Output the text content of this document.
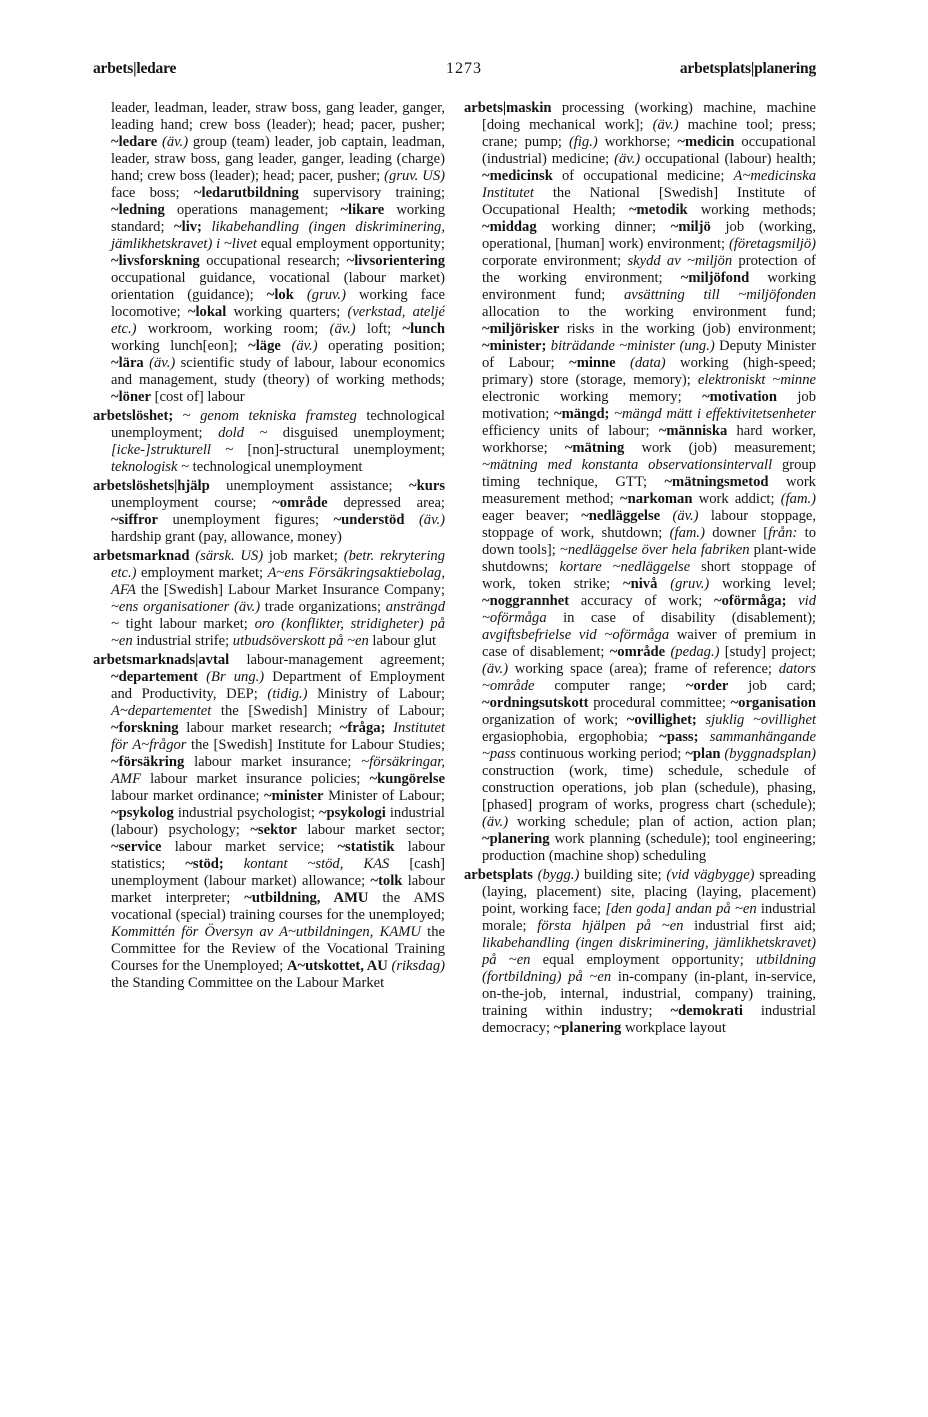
arbets|ledare	1273	arbetsplats|planering

leader, leadman, leader, straw boss, gang leader, ganger, leading hand; crew boss (leader); head; pacer, pusher; ~ledare (äv.) group (team) leader, job captain, leadman, leader, straw boss, gang leader, ganger, leading (charge) hand; crew boss (leader); head; pacer, pusher; (gruv. US) face boss; ~ledarutbildning supervisory training; ~ledning operations management; ~likare working standard; ~liv; likabehandling (ingen diskriminering, jämlikhetskravet) i ~livet equal employment opportunity; ~livsforskning occupational research; ~livsorientering occupational guidance, vocational (labour market) orientation (guidance); ~lok (gruv.) working face locomotive; ~lokal working quarters; (verkstad, ateljé etc.) workroom, working room; (äv.) loft; ~lunch working lunch[eon]; ~läge (äv.) operating position; ~lära (äv.) scientific study of labour, labour economics and management, study (theory) of working methods; ~löner [cost of] labour

arbetslöshet; ~ genom tekniska framsteg technological unemployment; dold ~ disguised unemployment; [icke-]strukturell ~ [non]-structural unemployment; teknologisk ~ technological unemployment

arbetslöshets|hjälp unemployment assistance; ~kurs unemployment course; ~område depressed area; ~siffror unemployment figures; ~understöd (äv.) hardship grant (pay, allowance, money)

arbetsmarknad (särsk. US) job market; (betr. rekrytering etc.) employment market; A~ens Försäkringsaktiebolag, AFA the [Swedish] Labour Market Insurance Company; ~ens organisationer (äv.) trade organizations; ansträngd ~ tight labour market; oro (konflikter, stridigheter) på ~en industrial strife; utbudsöverskott på ~en labour glut

arbetsmarknads|avtal labour-management agreement; ~departement (Br ung.) Department of Employment and Productivity, DEP; (tidig.) Ministry of Labour; A~departementet the [Swedish] Ministry of Labour; ~forskning labour market research; ~fråga; Institutet för A~frågor the [Swedish] Institute for Labour Studies; ~försäkring labour market insurance; ~försäkringar, AMF labour market insurance policies; ~kungörelse labour market ordinance; ~minister Minister of Labour; ~psykolog industrial psychologist; ~psykologi industrial (labour) psychology; ~sektor labour market sector; ~service labour market service; ~statistik labour statistics; ~stöd; kontant ~stöd, KAS [cash] unemployment (labour market) allowance; ~tolk labour market interpreter; ~utbildning, AMU the AMS vocational (special) training courses for the unemployed; Kommittén för Översyn av A~utbildningen, KAMU the Committee for the Review of the Vocational Training Courses for the Unemployed; A~utskottet, AU (riksdag) the Standing Committee on the Labour Market

arbets|maskin processing (working) machine, machine [doing mechanical work]; (äv.) machine tool; press; crane; pump; (fig.) workhorse; ~medicin occupational (industrial) medicine; (äv.) occupational (labour) health; ~medicinsk of occupational medicine; A~medicinska Institutet the National [Swedish] Institute of Occupational Health; ~metodik working methods; ~middag working dinner; ~miljö job (working, operational, [human] work) environment; (företagsmiljö) corporate environment; skydd av ~miljön protection of the working environment; ~miljöfond working environment fund; avsättning till ~miljöfonden allocation to the working environment fund; ~miljörisker risks in the working (job) environment; ~minister; biträdande ~minister (ung.) Deputy Minister of Labour; ~minne (data) working (high-speed; primary) store (storage, memory); elektroniskt ~minne electronic working memory; ~motivation job motivation; ~mängd; ~mängd mätt i effektivitetsenheter efficiency units of labour; ~människa hard worker, workhorse; ~mätning work (job) measurement; ~mätning med konstanta observationsintervall group timing technique, GTT; ~mätningsmetod work measurement method; ~narkoman work addict; (fam.) eager beaver; ~nedläggelse (äv.) labour stoppage, stoppage of work, shutdown; (fam.) downer [från: to down tools]; ~nedläggelse över hela fabriken plant-wide shutdowns; kortare ~nedläggelse short stoppage of work, token strike; ~nivå (gruv.) working level; ~noggrannhet accuracy of work; ~oförmåga; vid ~oförmåga in case of disability (disablement); avgiftsbefrielse vid ~oförmåga waiver of premium in case of disablement; ~område (pedag.) [study] project; (äv.) working space (area); frame of reference; dators ~område computer range; ~order job card; ~ordningsutskott procedural committee; ~organisation organization of work; ~ovillighet; sjuklig ~ovillighet ergasiophobia, ergophobia; ~pass; sammanhängande ~pass continuous working period; ~plan (byggnadsplan) construction (work, time) schedule, schedule of construction operations, job plan (schedule), phasing, [phased] program of works, progress chart (schedule); (äv.) working schedule; plan of action, action plan; ~planering work planning (schedule); tool engineering; production (machine shop) scheduling

arbetsplats (bygg.) building site; (vid vägbygge) spreading (laying, placement) site, placing (laying, placement) point, working face; [den goda] andan på ~en industrial morale; första hjälpen på ~en industrial first aid; likabehandling (ingen diskriminering, jämlikhetskravet) på ~en equal employment opportunity; utbildning (fortbildning) på ~en in-company (in-plant, in-service, on-the-job, internal, industrial, company) training, training within industry; ~demokrati industrial democracy; ~planering workplace layout
